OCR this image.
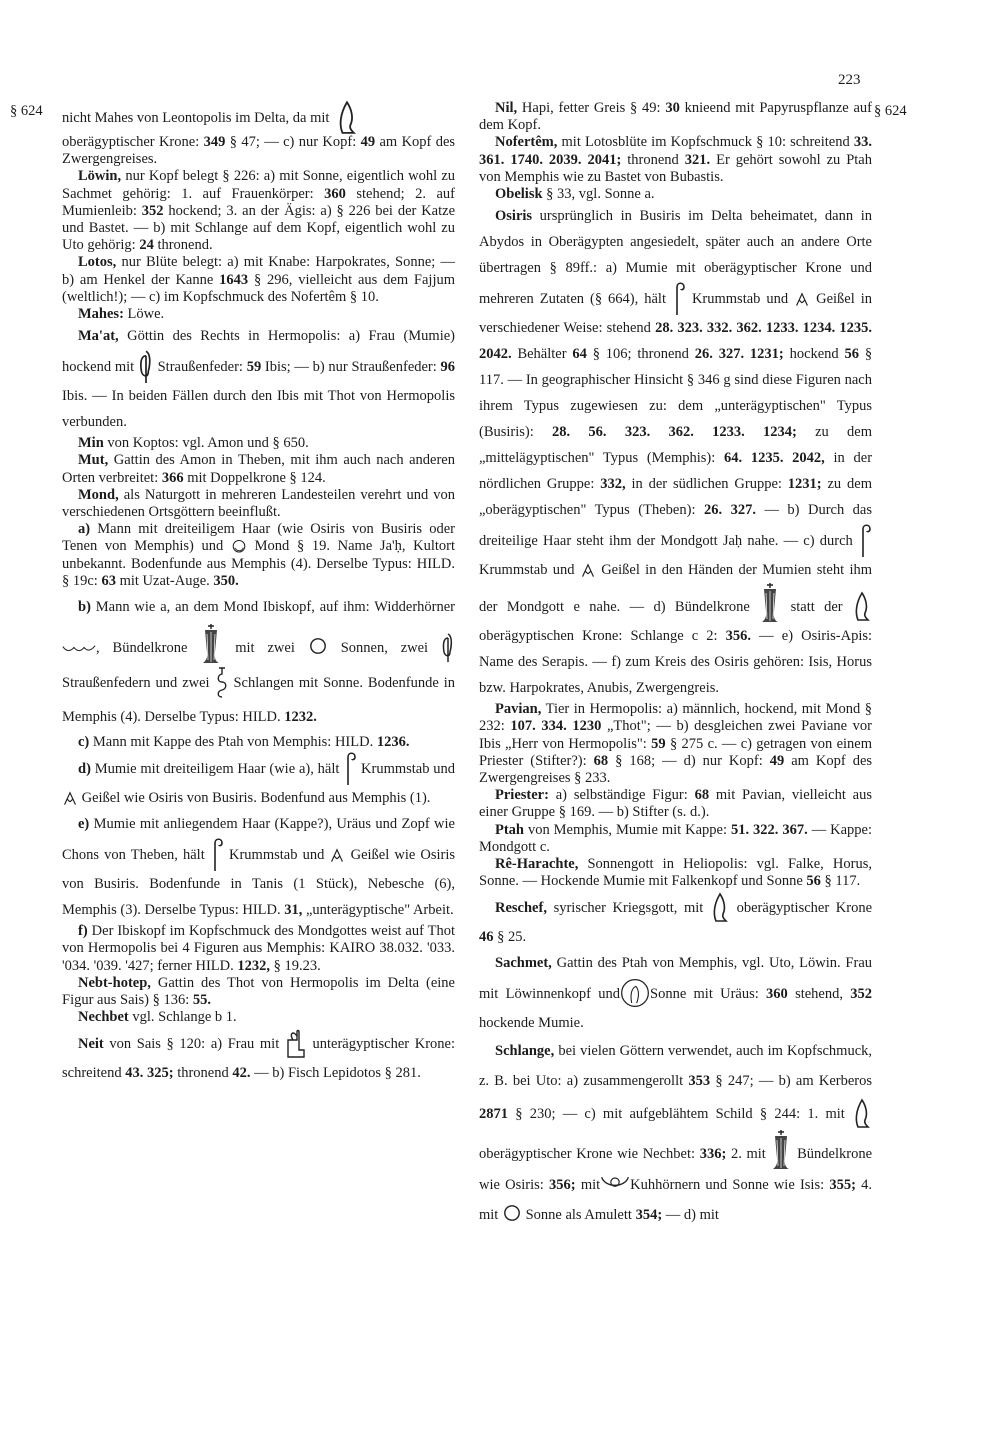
223
§ 624	§ 624

nicht Mahes von Leontopolis im Delta, da mit

oberägyptischer Krone: 349 § 47; — c) nur Kopf: 49 am Kopf des Zwergengreises.

Löwin, nur Kopf belegt § 226: a) mit Sonne, eigentlich wohl zu Sachmet gehörig: 1. auf Frauenkörper: 360 stehend; 2. auf Mumienleib: 352 hockend; 3. an der Ägis: a) § 226 bei der Katze und Bastet. — b) mit Schlange auf dem Kopf, eigentlich wohl zu Uto gehörig: 24 thronend.

Lotos, nur Blüte belegt: a) mit Knabe: Harpokrates, Sonne; — b) am Henkel der Kanne 1643 § 296, vielleicht aus dem Fajjum (weltlich!); — c) im Kopfschmuck des Nofertêm § 10.

Mahes: Löwe.

Ma'at, Göttin des Rechts in Hermopolis: a) Frau (Mumie) hockend mit Straußenfeder: 59 Ibis; — b) nur Straußenfeder: 96 Ibis. — In beiden Fällen durch den Ibis mit Thot von Hermopolis verbunden.

Min von Koptos: vgl. Amon und § 650.

Mut, Gattin des Amon in Theben, mit ihm auch nach anderen Orten verbreitet: 366 mit Doppelkrone § 124.

Mond, als Naturgott in mehreren Landesteilen verehrt und von verschiedenen Ortsgöttern beeinflußt.

a) Mann mit dreiteiligem Haar (wie Osiris von Busiris oder Tenen von Memphis) und Mond § 19. Name Ja'ḥ, Kultort unbekannt. Bodenfunde aus Memphis (4). Derselbe Typus: HILD. § 19c: 63 mit Uzat-Auge. 350.

b) Mann wie a, an dem Mond Ibiskopf, auf ihm: Widderhörner , Bündelkrone	mit zwei	Sonnen, zwei  Straußenfedern und zwei Schlangen mit Sonne. Bodenfunde in Memphis (4). Derselbe Typus: HILD. 1232.

c) Mann mit Kappe des Ptah von Memphis: HILD. 1236.

d) Mumie mit dreiteiligem Haar (wie a), hält Krummstab und  Geißel wie Osiris von Busiris. Bodenfund aus Memphis (1).

e) Mumie mit anliegendem Haar (Kappe?), Uräus und Zopf wie Chons von Theben, hält Krummstab und Geißel wie Osiris von Busiris. Bodenfunde in Tanis (1 Stück), Nebesche (6), Memphis (3). Derselbe Typus: HILD. 31, „unterägyptische" Arbeit.

f) Der Ibiskopf im Kopfschmuck des Mondgottes weist auf Thot von Hermopolis bei 4 Figuren aus Memphis: KAIRO 38.032. '033. '034. '039. '427; ferner HILD. 1232, § 19.23.

Nebt-hotep, Gattin des Thot von Hermopolis im Delta (eine Figur aus Sais) § 136: 55.

Nechbet vgl. Schlange b 1.

Neit von Sais § 120: a) Frau mit unterägyptischer Krone: schreitend 43. 325; thronend 42. — b) Fisch Lepidotos § 281.

Nil, Hapi, fetter Greis § 49: 30 knieend mit Papyruspflanze auf dem Kopf.

Nofertêm, mit Lotosblüte im Kopfschmuck § 10: schreitend 33. 361. 1740. 2039. 2041; thronend 321. Er gehört sowohl zu Ptah von Memphis wie zu Bastet von Bubastis.

Obelisk § 33, vgl. Sonne a.

Osiris ursprünglich in Busiris im Delta beheimatet, dann in Abydos in Oberägypten angesiedelt, später auch an andere Orte übertragen § 89ff.: a) Mumie mit oberägyptischer Krone und mehreren Zutaten (§ 664), hält Krummstab und Geißel in verschiedener Weise: stehend 28. 323. 332. 362. 1233. 1234. 1235. 2042. Behälter 64 § 106; thronend 26. 327. 1231; hockend 56 § 117. — In geographischer Hinsicht § 346 g sind diese Figuren nach ihrem Typus zugewiesen zu: dem „unterägyptischen" Typus (Busiris): 28. 56. 323. 362. 1233. 1234; zu dem „mittelägyptischen" Typus (Memphis): 64. 1235. 2042, in der nördlichen Gruppe: 332, in der südlichen Gruppe: 1231; zu dem „oberägyptischen" Typus (Theben): 26. 327. — b) Durch das dreiteilige Haar steht ihm der Mondgott Jaḥ nahe. — c) durch  Krummstab und Geißel in den Händen der Mumien steht ihm der Mondgott e nahe. — d) Bündelkrone	statt der  oberägyptischen Krone: Schlange c 2: 356. — e) Osiris-Apis: Name des Serapis. — f) zum Kreis des Osiris gehören: Isis, Horus bzw. Harpokrates, Anubis, Zwergengreis.

Pavian, Tier in Hermopolis: a) männlich, hockend, mit Mond § 232: 107. 334. 1230 „Thot"; — b) desgleichen zwei Paviane vor Ibis „Herr von Hermopolis": 59 § 275 c. — c) getragen von einem Priester (Stifter?): 68 § 168; — d) nur Kopf: 49 am Kopf des Zwergengreises § 233.

Priester: a) selbständige Figur: 68 mit Pavian, vielleicht aus einer Gruppe § 169. — b) Stifter (s. d.).

Ptah von Memphis, Mumie mit Kappe: 51. 322. 367. — Kappe: Mondgott c.

Rê-Harachte, Sonnengott in Heliopolis: vgl. Falke, Horus, Sonne. — Hockende Mumie mit Falkenkopf und Sonne 56 § 117.

Reschef, syrischer Kriegsgott, mit oberägyptischer Krone 46 § 25.

Sachmet, Gattin des Ptah von Memphis, vgl. Uto, Löwin. Frau mit Löwinnenkopf und Sonne mit Uräus: 360 stehend, 352 hockende Mumie.

Schlange, bei vielen Göttern verwendet, auch im Kopfschmuck, z. B. bei Uto: a) zusammengerollt 353 § 247; — b) am Kerberos 2871 § 230; — c) mit aufgeblähtem Schild § 244: 1. mit  oberägyptischer Krone wie Nechbet: 336; 2. mit Bündelkrone wie Osiris: 356; mit Kuhhörnern und Sonne wie Isis: 355; 4. mit Sonne als Amulett 354; — d) mit
